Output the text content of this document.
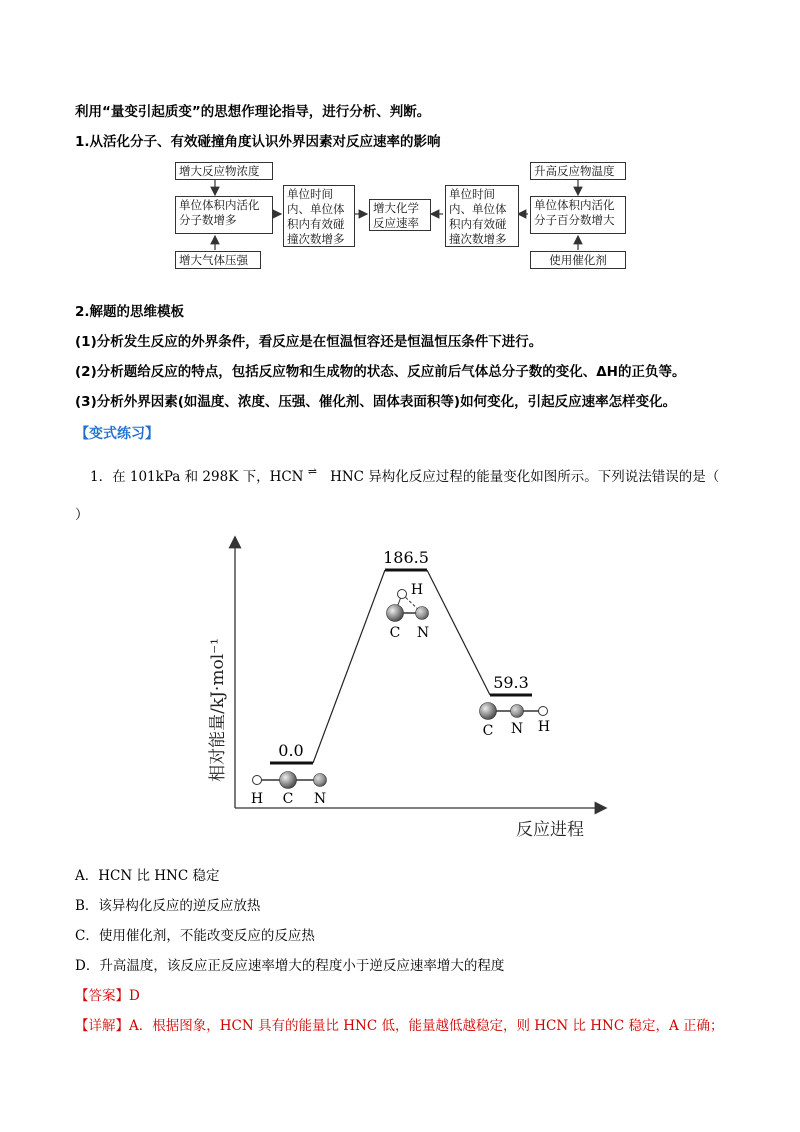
利用“量变引起质变”的思想作理论指导，进行分析、判断。
1.从活化分子、有效碰撞角度认识外界因素对反应速率的影响
增大反应物浓度
单位体积内活化分子数增多
增大气体压强
单位时间内、单位体积内有效碰撞次数增多
增大化学反应速率
单位时间内、单位体积内有效碰撞次数增多
升高反应物温度
单位体积内活化分子百分数增大
使用催化剂
2.解题的思维模板
(1)分析发生反应的外界条件，看反应是在恒温恒容还是恒温恒压条件下进行。
(2)分析题给反应的特点，包括反应物和生成物的状态、反应前后气体总分子数的变化、ΔH的正负等。
(3)分析外界因素(如温度、浓度、压强、催化剂、固体表面积等)如何变化，引起反应速率怎样变化。
【变式练习】
1．在 101kPa 和 298K 下，HCN ⇌ HNC 异构化反应过程的能量变化如图所示。下列说法错误的是（
）
相对能量/kJ·mol⁻¹
反应进程
0.0
186.5
59.3
H C N
H
C N
C N H
A．HCN 比 HNC 稳定
B．该异构化反应的逆反应放热
C．使用催化剂，不能改变反应的反应热
D．升高温度，该反应正反应速率增大的程度小于逆反应速率增大的程度
【答案】D
【详解】A．根据图象，HCN 具有的能量比 HNC 低，能量越低越稳定，则 HCN 比 HNC 稳定，A 正确；
